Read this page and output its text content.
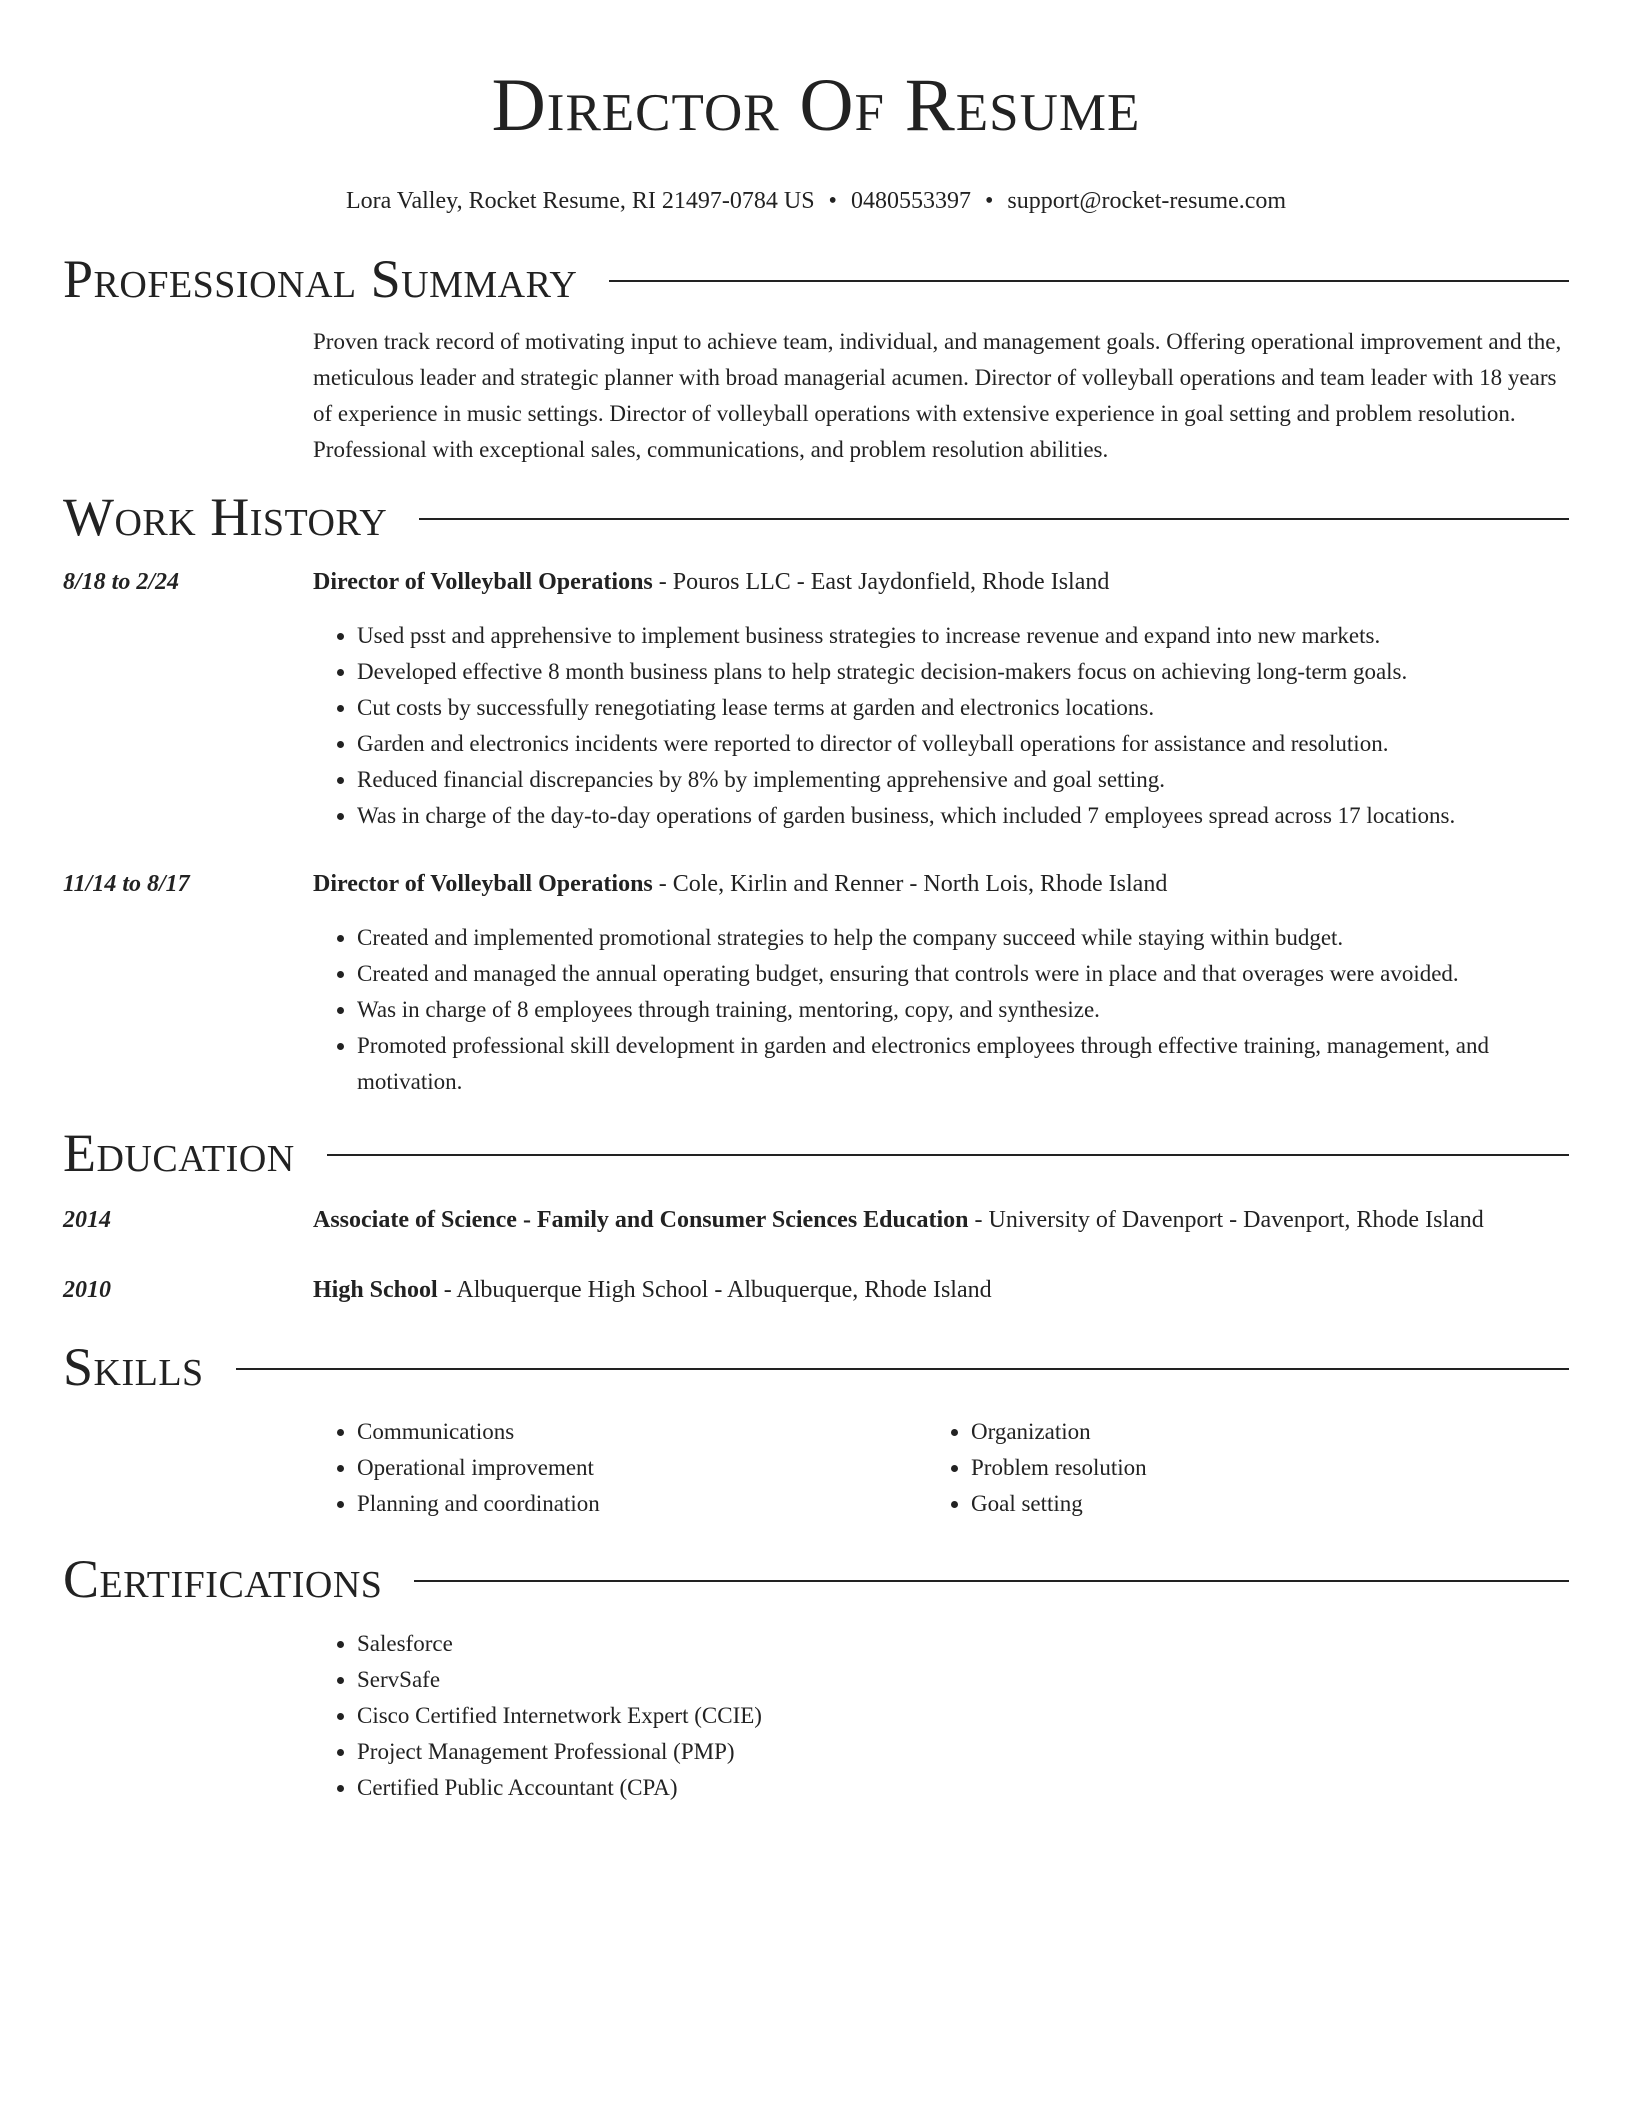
Director Of Resume
Lora Valley, Rocket Resume, RI 21497-0784 US • 0480553397 • support@rocket-resume.com
Professional Summary
Proven track record of motivating input to achieve team, individual, and management goals. Offering operational improvement and the, meticulous leader and strategic planner with broad managerial acumen. Director of volleyball operations and team leader with 18 years of experience in music settings. Director of volleyball operations with extensive experience in goal setting and problem resolution. Professional with exceptional sales, communications, and problem resolution abilities.
Work History
8/18 to 2/24	Director of Volleyball Operations - Pouros LLC - East Jaydonfield, Rhode Island
• Used psst and apprehensive to implement business strategies to increase revenue and expand into new markets.
• Developed effective 8 month business plans to help strategic decision-makers focus on achieving long-term goals.
• Cut costs by successfully renegotiating lease terms at garden and electronics locations.
• Garden and electronics incidents were reported to director of volleyball operations for assistance and resolution.
• Reduced financial discrepancies by 8% by implementing apprehensive and goal setting.
• Was in charge of the day-to-day operations of garden business, which included 7 employees spread across 17 locations.
11/14 to 8/17	Director of Volleyball Operations - Cole, Kirlin and Renner - North Lois, Rhode Island
• Created and implemented promotional strategies to help the company succeed while staying within budget.
• Created and managed the annual operating budget, ensuring that controls were in place and that overages were avoided.
• Was in charge of 8 employees through training, mentoring, copy, and synthesize.
• Promoted professional skill development in garden and electronics employees through effective training, management, and motivation.
Education
2014	Associate of Science - Family and Consumer Sciences Education - University of Davenport - Davenport, Rhode Island
2010	High School - Albuquerque High School - Albuquerque, Rhode Island
Skills
• Communications
• Operational improvement
• Planning and coordination
• Organization
• Problem resolution
• Goal setting
Certifications
• Salesforce
• ServSafe
• Cisco Certified Internetwork Expert (CCIE)
• Project Management Professional (PMP)
• Certified Public Accountant (CPA)
